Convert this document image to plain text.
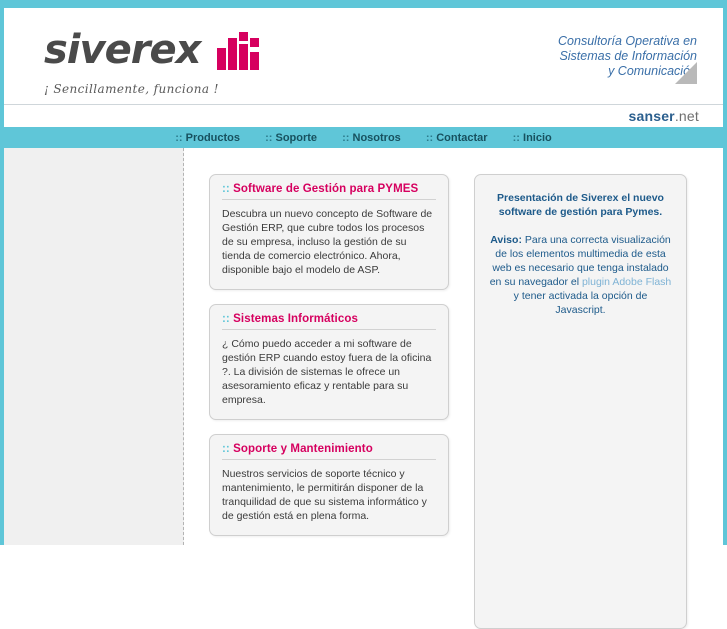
siverex
¡ Sencillamente, funciona !
Consultoría Operativa en
Sistemas de Información
y Comunicación
sanser.net
:: Productos :: Soporte :: Nosotros :: Contactar :: Inicio
:: Software de Gestión para PYMES

Descubra un nuevo concepto de Software de Gestión ERP, que cubre todos los procesos de su empresa, incluso la gestión de su tienda de comercio electrónico. Ahora, disponible bajo el modelo de ASP.

:: Sistemas Informáticos

¿ Cómo puedo acceder a mi software de gestión ERP cuando estoy fuera de la oficina ?. La división de sistemas le ofrece un asesoramiento eficaz y rentable para su empresa.

:: Soporte y Mantenimiento

Nuestros servicios de soporte técnico y mantenimiento, le permitirán disponer de la tranquilidad de que su sistema informático y de gestión está en plena forma.

Presentación de Siverex el nuevo software de gestión para Pymes.
Aviso: Para una correcta visualización de los elementos multimedia de esta web es necesario que tenga instalado en su navegador el plugin Adobe Flash y tener activada la opción de Javascript.
